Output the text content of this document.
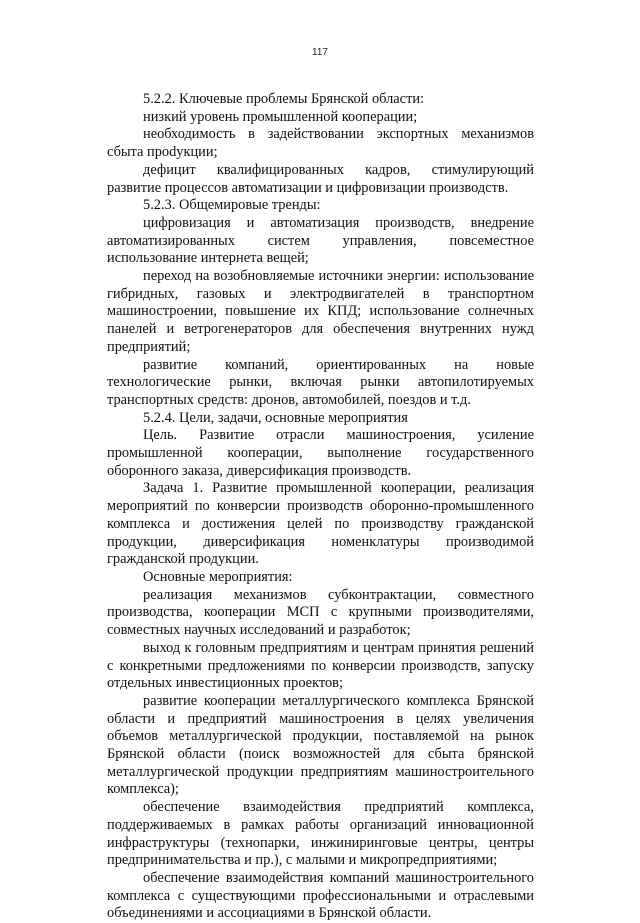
117

5.2.2. Ключевые проблемы Брянской области:

низкий уровень промышленной кооперации;

необходимость в задействовании экспортных механизмов сбыта проdукции;

дефицит квалифицированных кадров, стимулирующий развитие процессов автоматизации и цифровизации производств.

5.2.3. Общемировые тренды:

цифровизация и автоматизация производств, внедрение автоматизированных систем управления, повсеместное использование интернета вещей;

переход на возобновляемые источники энергии: использование гибридных, газовых и электродвигателей в транспортном машиностроении, повышение их КПД; использование солнечных панелей и ветрогенераторов для обеспечения внутренних нужд предприятий;

развитие компаний, ориентированных на новые технологические рынки, включая рынки автопилотируемых транспортных средств: дронов, автомобилей, поездов и т.д.

5.2.4. Цели, задачи, основные мероприятия

Цель. Развитие отрасли машиностроения, усиление промышленной кооперации, выполнение государственного оборонного заказа, диверсификация производств.

Задача 1. Развитие промышленной кооперации, реализация мероприятий по конверсии производств оборонно-промышленного комплекса и достижения целей по производству гражданской продукции, диверсификация номенклатуры производимой гражданской продукции.

Основные мероприятия:

реализация механизмов субконтрактации, совместного производства, кооперации МСП с крупными производителями, совместных научных исследований и разработок;

выход к головным предприятиям и центрам принятия решений с конкретными предложениями по конверсии производств, запуску отдельных инвестиционных проектов;

развитие кооперации металлургического комплекса Брянской области и предприятий машиностроения в целях увеличения объемов металлургической продукции, поставляемой на рынок Брянской области (поиск возможностей для сбыта брянской металлургической продукции предприятиям машиностроительного комплекса);

обеспечение взаимодействия предприятий комплекса, поддерживаемых в рамках работы организаций инновационной инфраструктуры (технопарки, инжиниринговые центры, центры предпринимательства и пр.), с малыми и микропредприятиями;

обеспечение взаимодействия компаний машиностроительного комплекса с существующими профессиональными и отраслевыми объединениями и ассоциациями в Брянской области.
